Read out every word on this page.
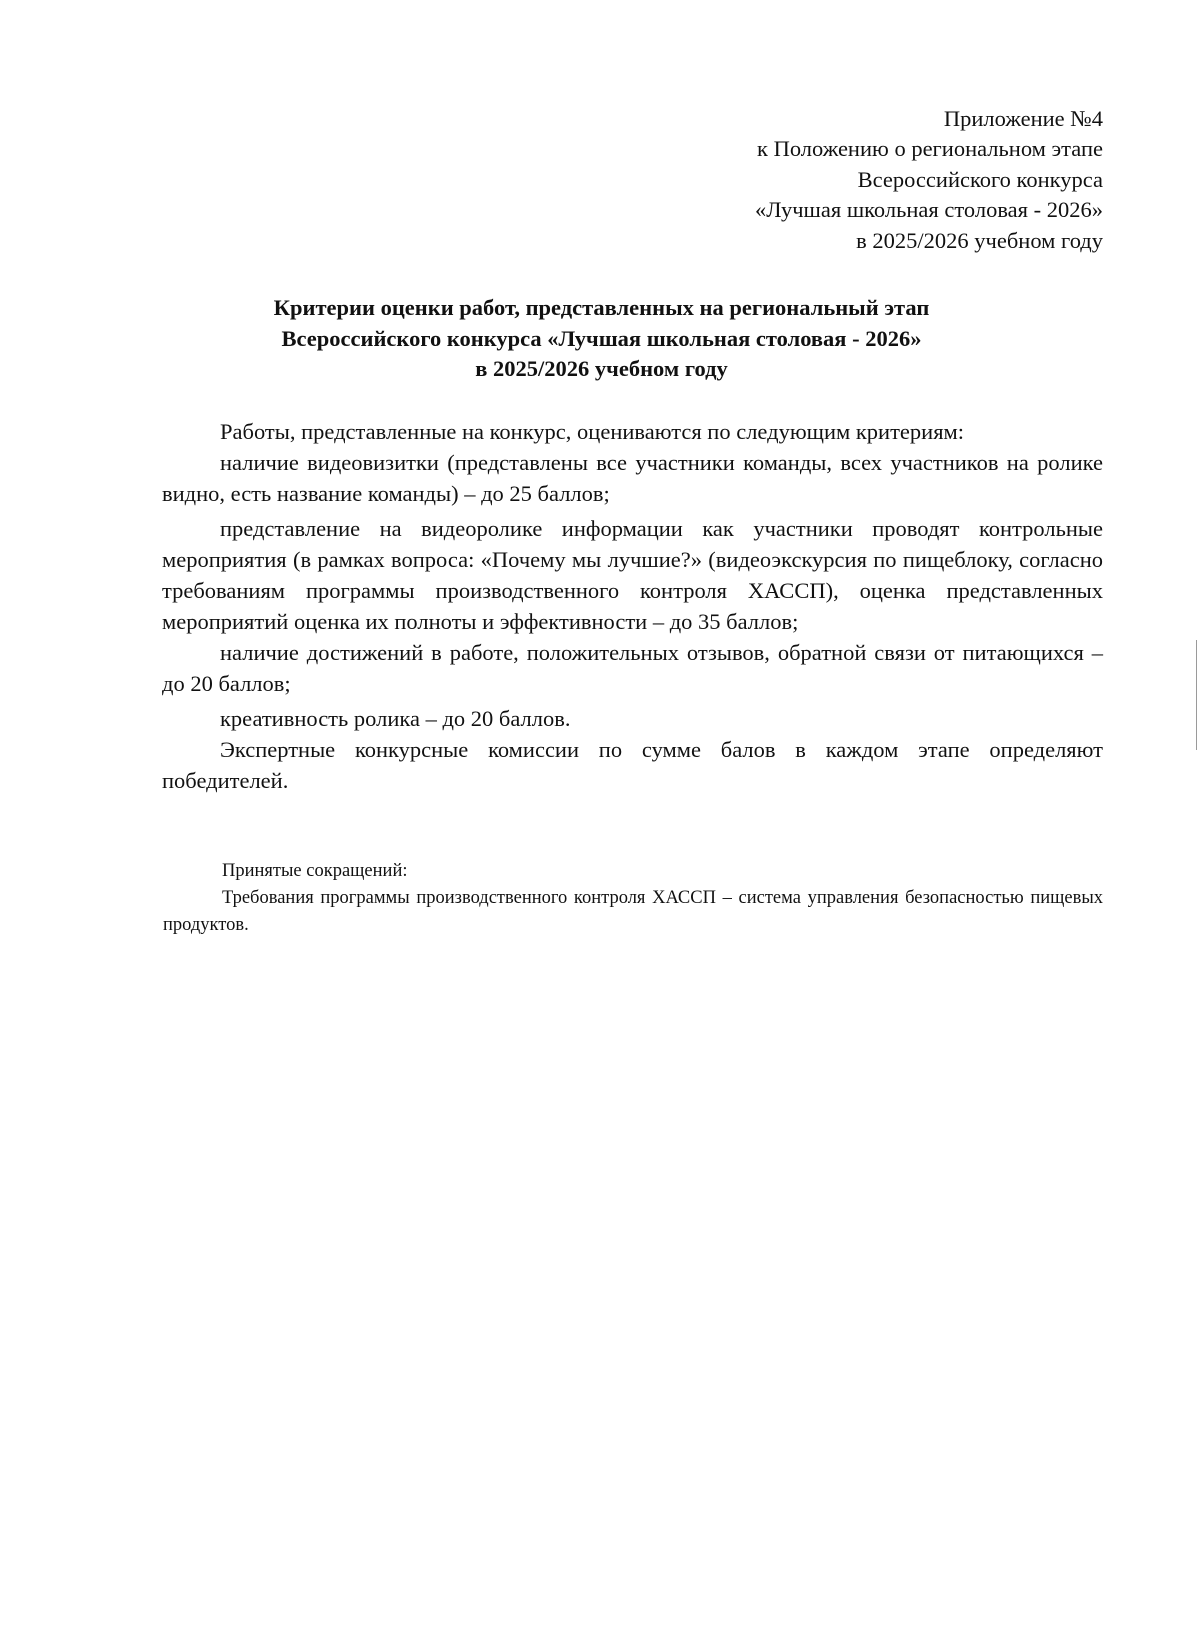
Приложение №4
к Положению о региональном этапе
Всероссийского конкурса
«Лучшая школьная столовая - 2026»
в 2025/2026 учебном году
Критерии оценки работ, представленных на региональный этап
Всероссийского конкурса «Лучшая школьная столовая - 2026»
в 2025/2026 учебном году

Работы, представленные на конкурс, оцениваются по следующим критериям:

наличие видеовизитки (представлены все участники команды, всех участников на ролике видно, есть название команды) – до 25 баллов;

представление на видеоролике информации как участники проводят контрольные мероприятия (в рамках вопроса: «Почему мы лучшие?» (видеоэкскурсия по пищеблоку, согласно требованиям программы производственного контроля ХАССП), оценка представленных мероприятий оценка их полноты и эффективности – до 35 баллов;

наличие достижений в работе, положительных отзывов, обратной связи от питающихся – до 20 баллов;

креативность ролика – до 20 баллов.

Экспертные конкурсные комиссии по сумме балов в каждом этапе определяют победителей.

Принятые сокращений:

Требования программы производственного контроля ХАССП – система управления безопасностью пищевых продуктов.
